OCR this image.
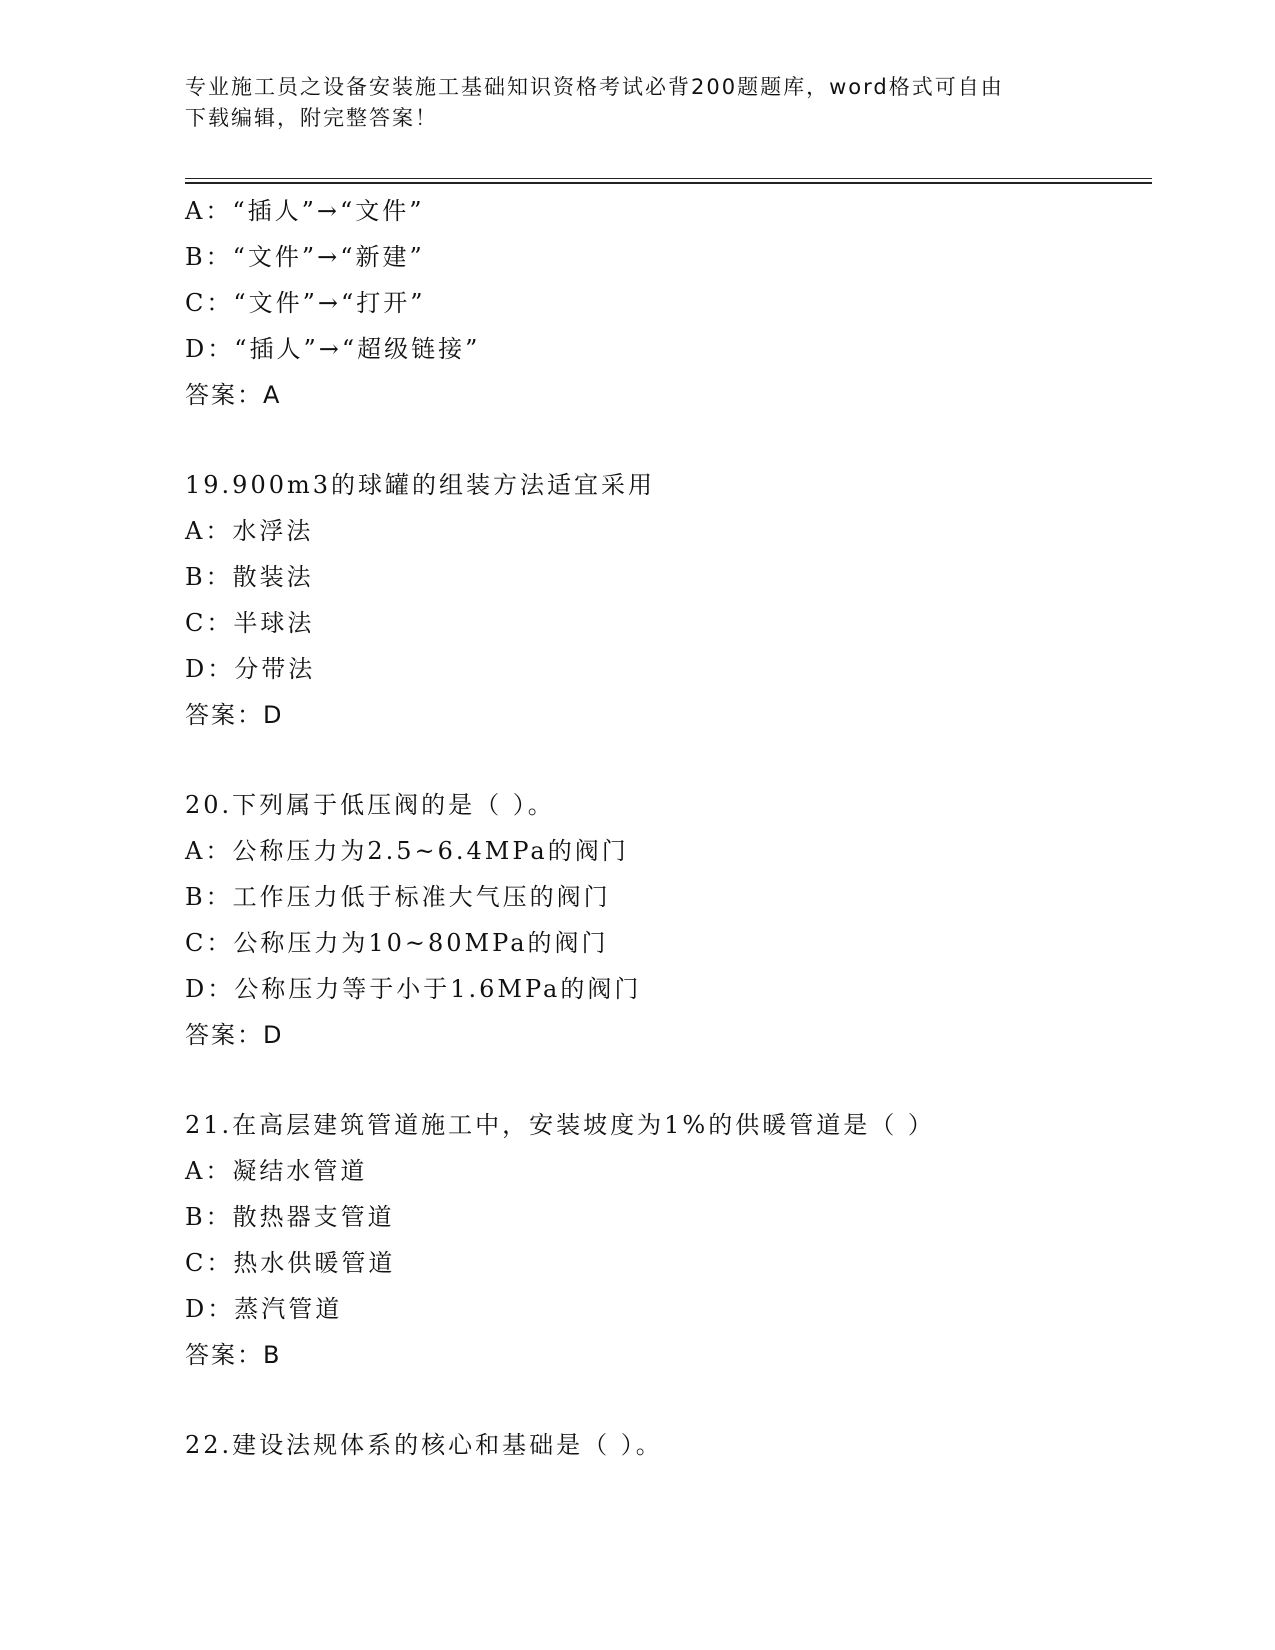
专业施工员之设备安装施工基础知识资格考试必背200题题库，word格式可自由
下载编辑，附完整答案！
A：“插人”→“文件”
B：“文件”→“新建”
C：“文件”→“打开”
D：“插人”→“超级链接”
答案：A
19.900m3的球罐的组装方法适宜采用
A：水浮法
B：散装法
C：半球法
D：分带法
答案：D
20.下列属于低压阀的是（ ）。
A：公称压力为2.5~6.4MPa的阀门
B：工作压力低于标准大气压的阀门
C：公称压力为10~80MPa的阀门
D：公称压力等于小于1.6MPa的阀门
答案：D
21.在高层建筑管道施工中，安装坡度为1%的供暖管道是（ ）
A：凝结水管道
B：散热器支管道
C：热水供暖管道
D：蒸汽管道
答案：B
22.建设法规体系的核心和基础是（ ）。
